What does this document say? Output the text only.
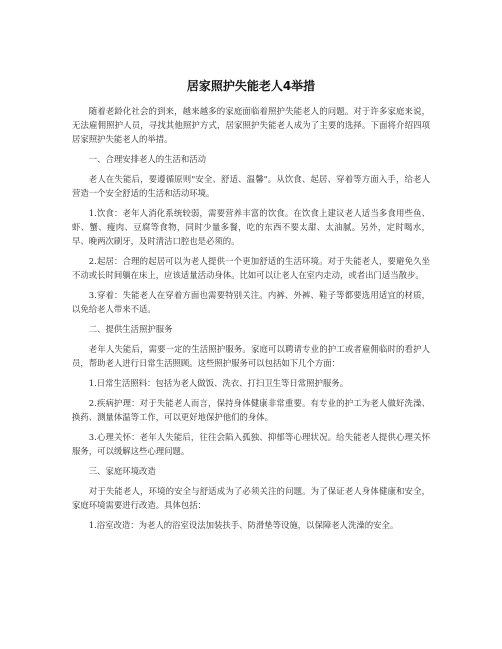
居家照护失能老人4举措

随着老龄化社会的到来，越来越多的家庭面临着照护失能老人的问题。对于许多家庭来说，无法雇佣照护人员，寻找其他照护方式，居家照护失能老人成为了主要的选择。下面将介绍四项居家照护失能老人的举措。

一、合理安排老人的生活和活动

老人在失能后，要遵循原则"安全、舒适、温馨"。从饮食、起居、穿着等方面入手，给老人营造一个安全舒适的生活和活动环境。

1.饮食：老年人消化系统较弱，需要营养丰富的饮食。在饮食上建议老人适当多食用些鱼、虾、蟹、瘦肉、豆腐等食物，同时少量多餐，吃的东西不要太甜、太油腻。另外，定时喝水，早、晚两次刷牙，及时清洁口腔也是必须的。

2.起居：合理的起居可以为老人提供一个更加舒适的生活环境。对于失能老人，要避免久坐不动或长时间躺在床上，应该适量活动身体。比如可以让老人在室内走动，或者出门适当散步。

3.穿着：失能老人在穿着方面也需要特别关注。内裤、外裤、鞋子等都要选用适宜的材质，以免给老人带来不适。

二、提供生活照护服务

老年人失能后，需要一定的生活照护服务。家庭可以聘请专业的护工或者雇佣临时的看护人员，帮助老人进行日常生活照顾。这些照护服务可以包括如下几个方面：

1.日常生活照料：包括为老人做饭、洗衣、打扫卫生等日常照护服务。

2.疾病护理：对于失能老人而言，保持身体健康非常重要。有专业的护工为老人做好洗澡、换药、测量体温等工作，可以更好地保护他们的身体。

3.心理关怀：老年人失能后，往往会陷入孤独、抑郁等心理状况。给失能老人提供心理关怀服务，可以缓解这些心理问题。

三、家庭环境改造

对于失能老人，环境的安全与舒适成为了必须关注的问题。为了保证老人身体健康和安全，家庭环境需要进行改造。具体包括：

1.浴室改造：为老人的浴室设法加装扶手、防滑垫等设施，以保障老人洗澡的安全。
